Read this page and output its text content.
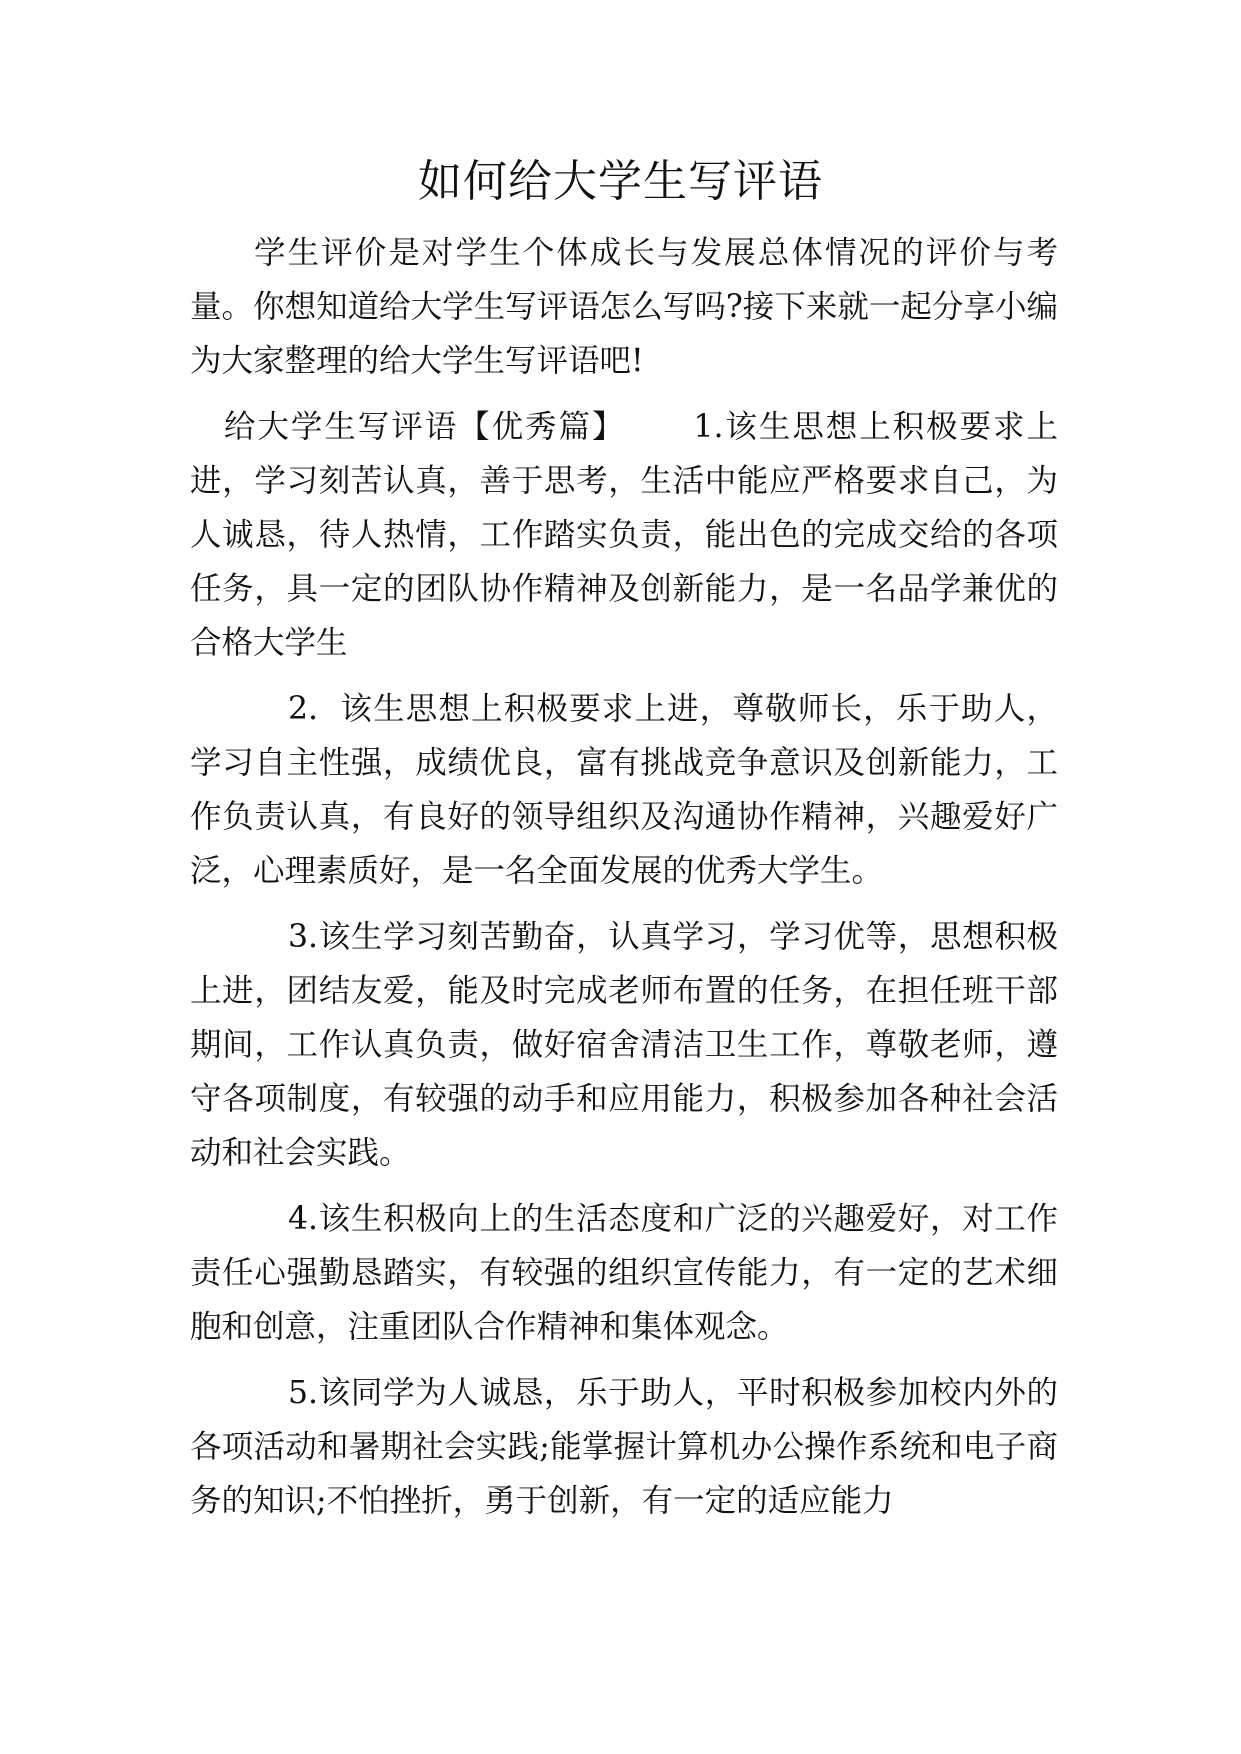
如何给大学生写评语

学生评价是对学生个体成长与发展总体情况的评价与考量。你想知道给大学生写评语怎么写吗?接下来就一起分享小编为大家整理的给大学生写评语吧!

给大学生写评语【优秀篇】 1.该生思想上积极要求上进，学习刻苦认真，善于思考，生活中能应严格要求自己，为人诚恳，待人热情，工作踏实负责，能出色的完成交给的各项任务，具一定的团队协作精神及创新能力，是一名品学兼优的合格大学生

2.  该生思想上积极要求上进，尊敬师长，乐于助人，学习自主性强，成绩优良，富有挑战竞争意识及创新能力，工作负责认真，有良好的领导组织及沟通协作精神，兴趣爱好广泛，心理素质好，是一名全面发展的优秀大学生。

3.该生学习刻苦勤奋，认真学习，学习优等，思想积极上进，团结友爱，能及时完成老师布置的任务，在担任班干部期间，工作认真负责，做好宿舍清洁卫生工作，尊敬老师，遵守各项制度，有较强的动手和应用能力，积极参加各种社会活动和社会实践。

4.该生积极向上的生活态度和广泛的兴趣爱好，对工作责任心强勤恳踏实，有较强的组织宣传能力，有一定的艺术细胞和创意，注重团队合作精神和集体观念。

5.该同学为人诚恳，乐于助人，平时积极参加校内外的各项活动和暑期社会实践;能掌握计算机办公操作系统和电子商务的知识;不怕挫折，勇于创新，有一定的适应能力
